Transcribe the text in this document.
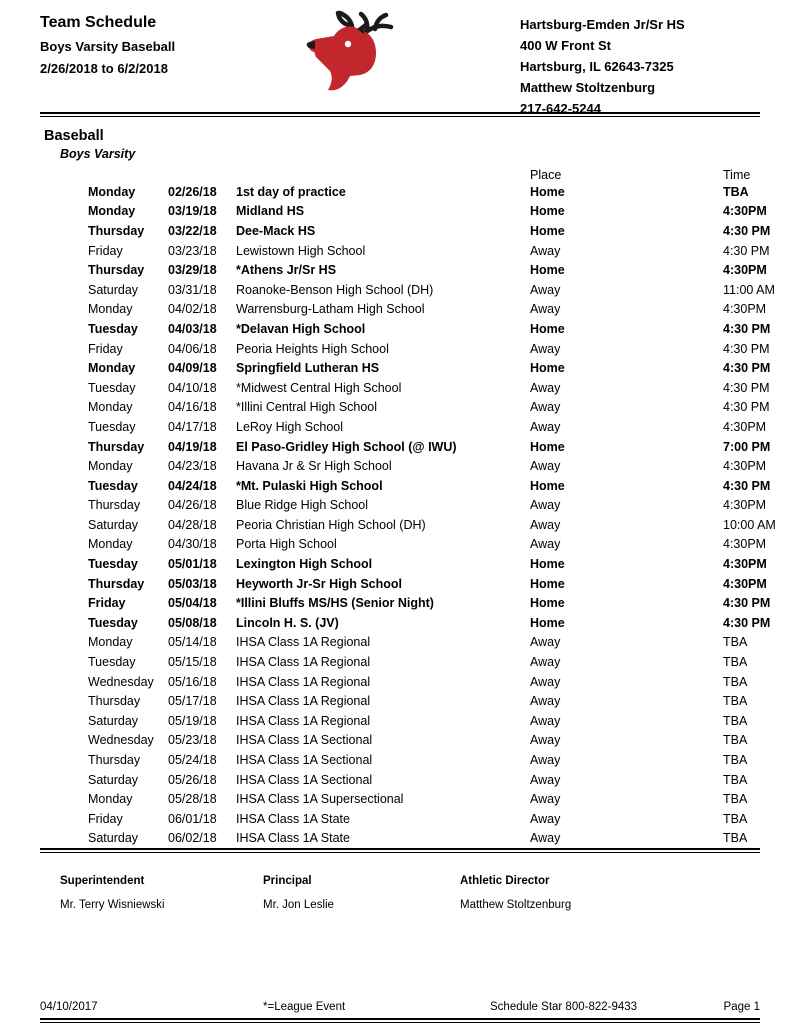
Team Schedule

Boys Varsity Baseball

2/26/2018 to 6/2/2018

Hartsburg-Emden Jr/Sr HS
400 W Front St
Hartsburg, IL 62643-7325
Matthew Stoltzenburg
217-642-5244

Baseball

Boys Varsity

Place	Time
Monday	02/26/18	1st day of practice	Home	TBA
Monday	03/19/18	Midland HS	Home	4:30PM
Thursday	03/22/18	Dee-Mack HS	Home	4:30 PM
Friday	03/23/18	Lewistown High School	Away	4:30 PM
Thursday	03/29/18	*Athens Jr/Sr HS	Home	4:30PM
Saturday	03/31/18	Roanoke-Benson High School (DH)	Away	11:00 AM
Monday	04/02/18	Warrensburg-Latham High School	Away	4:30PM
Tuesday	04/03/18	*Delavan High School	Home	4:30 PM
Friday	04/06/18	Peoria Heights High School	Away	4:30 PM
Monday	04/09/18	Springfield Lutheran HS	Home	4:30 PM
Tuesday	04/10/18	*Midwest Central High School	Away	4:30 PM
Monday	04/16/18	*Illini Central High School	Away	4:30 PM
Tuesday	04/17/18	LeRoy High School	Away	4:30PM
Thursday	04/19/18	El Paso-Gridley High School (@ IWU)	Home	7:00 PM
Monday	04/23/18	Havana Jr & Sr High School	Away	4:30PM
Tuesday	04/24/18	*Mt. Pulaski High School	Home	4:30 PM
Thursday	04/26/18	Blue Ridge High School	Away	4:30PM
Saturday	04/28/18	Peoria Christian High School (DH)	Away	10:00 AM
Monday	04/30/18	Porta High School	Away	4:30PM
Tuesday	05/01/18	Lexington High School	Home	4:30PM
Thursday	05/03/18	Heyworth Jr-Sr High School	Home	4:30PM
Friday	05/04/18	*Illini Bluffs MS/HS (Senior Night)	Home	4:30 PM
Tuesday	05/08/18	Lincoln H. S. (JV)	Home	4:30 PM
Monday	05/14/18	IHSA Class 1A Regional	Away	TBA
Tuesday	05/15/18	IHSA Class 1A Regional	Away	TBA
Wednesday	05/16/18	IHSA Class 1A Regional	Away	TBA
Thursday	05/17/18	IHSA Class 1A Regional	Away	TBA
Saturday	05/19/18	IHSA Class 1A Regional	Away	TBA
Wednesday	05/23/18	IHSA Class 1A Sectional	Away	TBA
Thursday	05/24/18	IHSA Class 1A Sectional	Away	TBA
Saturday	05/26/18	IHSA Class 1A Sectional	Away	TBA
Monday	05/28/18	IHSA Class 1A Supersectional	Away	TBA
Friday	06/01/18	IHSA Class 1A State	Away	TBA
Saturday	06/02/18	IHSA Class 1A State	Away	TBA

Superintendent

Mr. Terry Wisniewski

Principal

Mr. Jon Leslie

Athletic Director

Matthew Stoltzenburg

04/10/2017	*=League Event	Schedule Star 800-822-9433	Page 1
